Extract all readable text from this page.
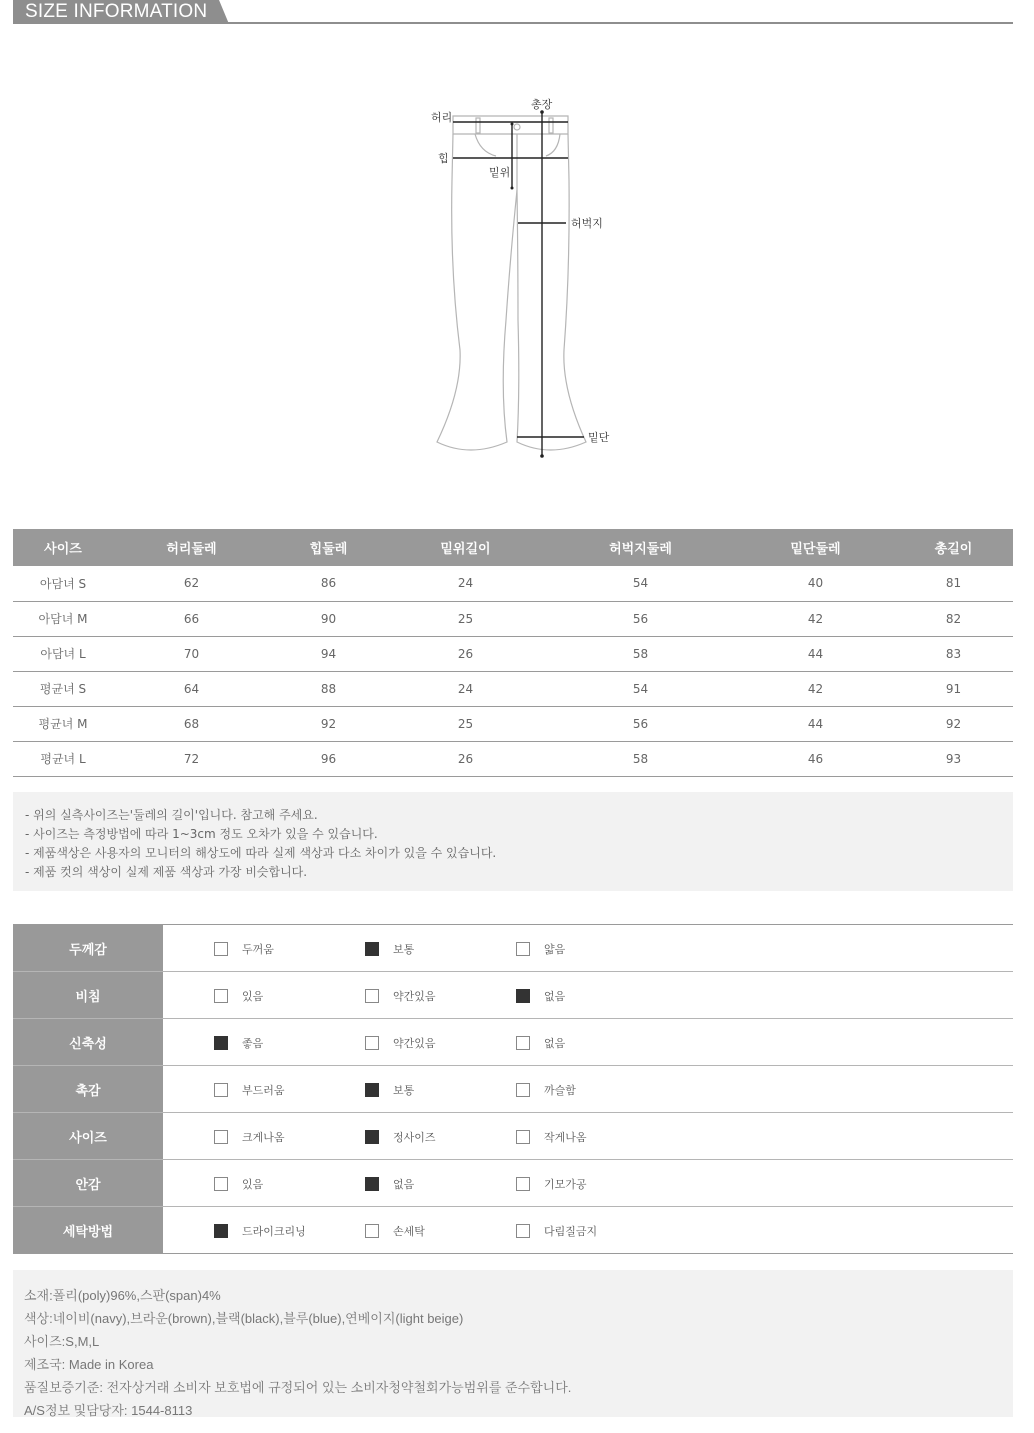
SIZE INFORMATION
허리
총장
힙
밑위
허벅지
밑단
사이즈	허리둘레	힙둘레	밑위길이	허벅지둘레	밑단둘레	총길이
아담녀 S	62	86	24	54	40	81
아담녀 M	66	90	25	56	42	82
아담녀 L	70	94	26	58	44	83
평균녀 S	64	88	24	54	42	91
평균녀 M	68	92	25	56	44	92
평균녀 L	72	96	26	58	46	93
- 위의 실측사이즈는'둘레의 길이'입니다. 참고해 주세요.
- 사이즈는 측정방법에 따라 1~3cm 정도 오차가 있을 수 있습니다.
- 제품색상은 사용자의 모니터의 해상도에 따라 실제 색상과 다소 차이가 있을 수 있습니다.
- 제품 컷의 색상이 실제 제품 색상과 가장 비슷합니다.
두께감	두꺼움	보통	얇음
비침	있음	약간있음	없음
신축성	좋음	약간있음	없음
촉감	부드러움	보통	까슬함
사이즈	크게나옴	정사이즈	작게나옴
안감	있음	없음	기모가공
세탁방법	드라이크리닝	손세탁	다림질금지
소재:폴리(poly)96%,스판(span)4%
색상:네이비(navy),브라운(brown),블랙(black),블루(blue),연베이지(light beige)
사이즈:S,M,L
제조국: Made in Korea
품질보증기준: 전자상거래 소비자 보호법에 규정되어 있는 소비자청약철회가능범위를 준수합니다.
A/S정보 및담당자: 1544-8113
